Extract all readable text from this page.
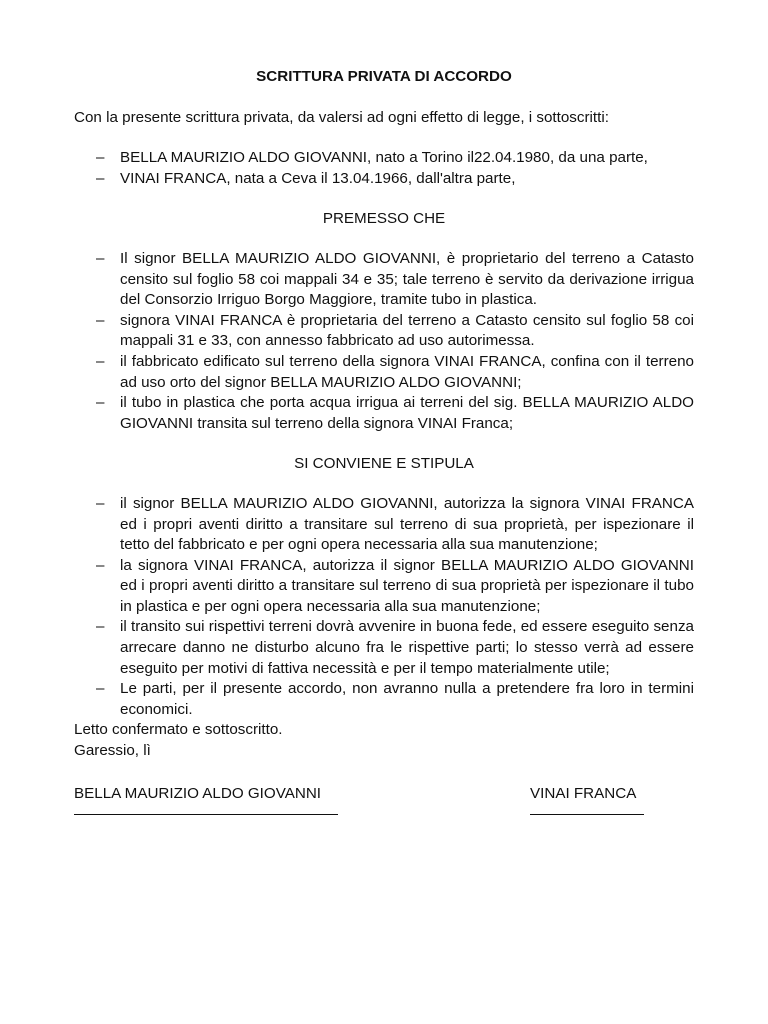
SCRITTURA PRIVATA DI ACCORDO
Con la presente scrittura privata, da valersi ad ogni effetto di legge, i sottoscritti:
– BELLA MAURIZIO ALDO GIOVANNI, nato a Torino il22.04.1980, da una parte,
– VINAI FRANCA, nata a Ceva il 13.04.1966, dall'altra parte,
PREMESSO CHE
– Il signor BELLA MAURIZIO ALDO GIOVANNI, è proprietario del terreno a Catasto censito sul foglio 58 coi mappali 34 e 35; tale terreno è servito da derivazione irrigua del Consorzio Irriguo Borgo Maggiore, tramite tubo in plastica.
– signora VINAI FRANCA è proprietaria del terreno a Catasto censito sul foglio 58 coi mappali 31 e 33, con annesso fabbricato ad uso autorimessa.
– il fabbricato edificato sul terreno della signora VINAI FRANCA, confina con il terreno ad uso orto del signor BELLA MAURIZIO ALDO GIOVANNI;
– il tubo in plastica che porta acqua irrigua ai terreni del sig. BELLA MAURIZIO ALDO GIOVANNI transita sul terreno della signora VINAI Franca;
SI CONVIENE E STIPULA
– il signor BELLA MAURIZIO ALDO GIOVANNI, autorizza la signora VINAI FRANCA ed i propri aventi diritto a transitare sul terreno di sua proprietà, per ispezionare il tetto del fabbricato e per ogni opera necessaria alla sua manutenzione;
– la signora VINAI FRANCA, autorizza il signor BELLA MAURIZIO ALDO GIOVANNI ed i propri aventi diritto a transitare sul terreno di sua proprietà per ispezionare il tubo in plastica e per ogni opera necessaria alla sua manutenzione;
– il transito sui rispettivi terreni dovrà avvenire in buona fede, ed essere eseguito senza arrecare danno ne disturbo alcuno fra le rispettive parti; lo stesso verrà ad essere eseguito per motivi di fattiva necessità e per il tempo materialmente utile;
– Le parti, per il presente accordo, non avranno nulla a pretendere fra loro in termini economici.
Letto confermato e sottoscritto.
Garessio, lì
BELLA MAURIZIO ALDO GIOVANNI	VINAI FRANCA
